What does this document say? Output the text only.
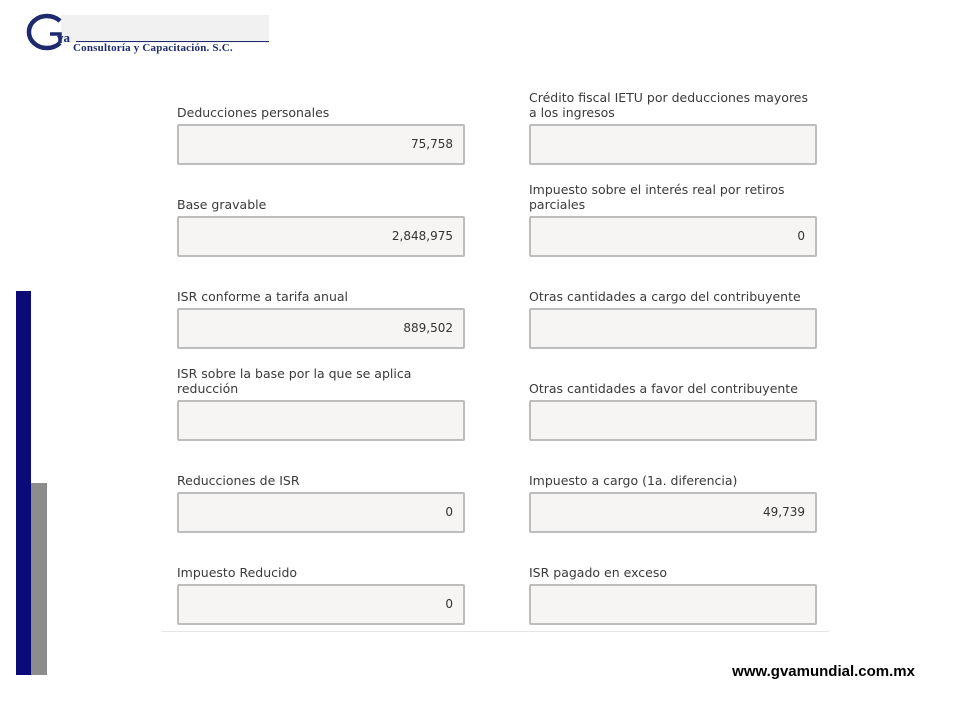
va
Consultoría y Capacitación. S.C.
Deducciones personales
75,758
Base gravable
2,848,975
ISR conforme a tarifa anual
889,502
ISR sobre la base por la que se aplica reducción
Reducciones de ISR
0
Impuesto Reducido
0
Crédito fiscal IETU por deducciones mayores a los ingresos
Impuesto sobre el interés real por retiros parciales
0
Otras cantidades a cargo del contribuyente
Otras cantidades a favor del contribuyente
Impuesto a cargo (1a. diferencia)
49,739
ISR pagado en exceso
www.gvamundial.com.mx
